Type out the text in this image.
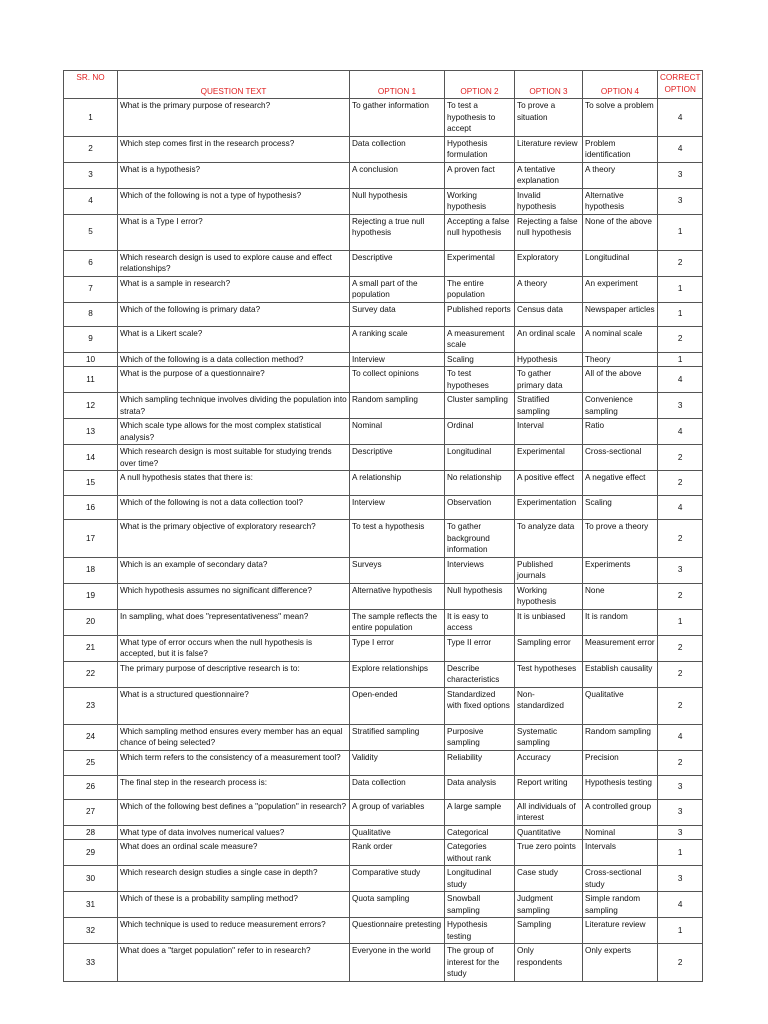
SR. NO	QUESTION TEXT	OPTION 1	OPTION 2	OPTION 3	OPTION 4	CORRECT OPTION
1	What is the primary purpose of research?	To gather information	To test a hypothesis to accept	To prove a situation	To solve a problem	4
2	Which step comes first in the research process?	Data collection	Hypothesis formulation	Literature review	Problem identification	4
3	What is a hypothesis?	A conclusion	A proven fact	A tentative explanation	A theory	3
4	Which of the following is not a type of hypothesis?	Null hypothesis	Working hypothesis	Invalid hypothesis	Alternative hypothesis	3
5	What is a Type I error?	Rejecting a true null hypothesis	Accepting a false null hypothesis	Rejecting a false null hypothesis	None of the above	1
6	Which research design is used to explore cause and effect relationships?	Descriptive	Experimental	Exploratory	Longitudinal	2
7	What is a sample in research?	A small part of the population	The entire population	A theory	An experiment	1
8	Which of the following is primary data?	Survey data	Published reports	Census data	Newspaper articles	1
9	What is a Likert scale?	A ranking scale	A measurement scale	An ordinal scale	A nominal scale	2
10	Which of the following is a data collection method?	Interview	Scaling	Hypothesis	Theory	1
11	What is the purpose of a questionnaire?	To collect opinions	To test hypotheses	To gather primary data	All of the above	4
12	Which sampling technique involves dividing the population into strata?	Random sampling	Cluster sampling	Stratified sampling	Convenience sampling	3
13	Which scale type allows for the most complex statistical analysis?	Nominal	Ordinal	Interval	Ratio	4
14	Which research design is most suitable for studying trends over time?	Descriptive	Longitudinal	Experimental	Cross-sectional	2
15	A null hypothesis states that there is:	A relationship	No relationship	A positive effect	A negative effect	2
16	Which of the following is not a data collection tool?	Interview	Observation	Experimentation	Scaling	4
17	What is the primary objective of exploratory research?	To test a hypothesis	To gather background information	To analyze data	To prove a theory	2
18	Which is an example of secondary data?	Surveys	Interviews	Published journals	Experiments	3
19	Which hypothesis assumes no significant difference?	Alternative hypothesis	Null hypothesis	Working hypothesis	None	2
20	In sampling, what does "representativeness" mean?	The sample reflects the entire population	It is easy to access	It is unbiased	It is random	1
21	What type of error occurs when the null hypothesis is accepted, but it is false?	Type I error	Type II error	Sampling error	Measurement error	2
22	The primary purpose of descriptive research is to:	Explore relationships	Describe characteristics	Test hypotheses	Establish causality	2
23	What is a structured questionnaire?	Open-ended	Standardized with fixed options	Non-standardized	Qualitative	2
24	Which sampling method ensures every member has an equal chance of being selected?	Stratified sampling	Purposive sampling	Systematic sampling	Random sampling	4
25	Which term refers to the consistency of a measurement tool?	Validity	Reliability	Accuracy	Precision	2
26	The final step in the research process is:	Data collection	Data analysis	Report writing	Hypothesis testing	3
27	Which of the following best defines a "population" in research?	A group of variables	A large sample	All individuals of interest	A controlled group	3
28	What type of data involves numerical values?	Qualitative	Categorical	Quantitative	Nominal	3
29	What does an ordinal scale measure?	Rank order	Categories without rank	True zero points	Intervals	1
30	Which research design studies a single case in depth?	Comparative study	Longitudinal study	Case study	Cross-sectional study	3
31	Which of these is a probability sampling method?	Quota sampling	Snowball sampling	Judgment sampling	Simple random sampling	4
32	Which technique is used to reduce measurement errors?	Questionnaire pretesting	Hypothesis testing	Sampling	Literature review	1
33	What does a "target population" refer to in research?	Everyone in the world	The group of interest for the study	Only respondents	Only experts	2
